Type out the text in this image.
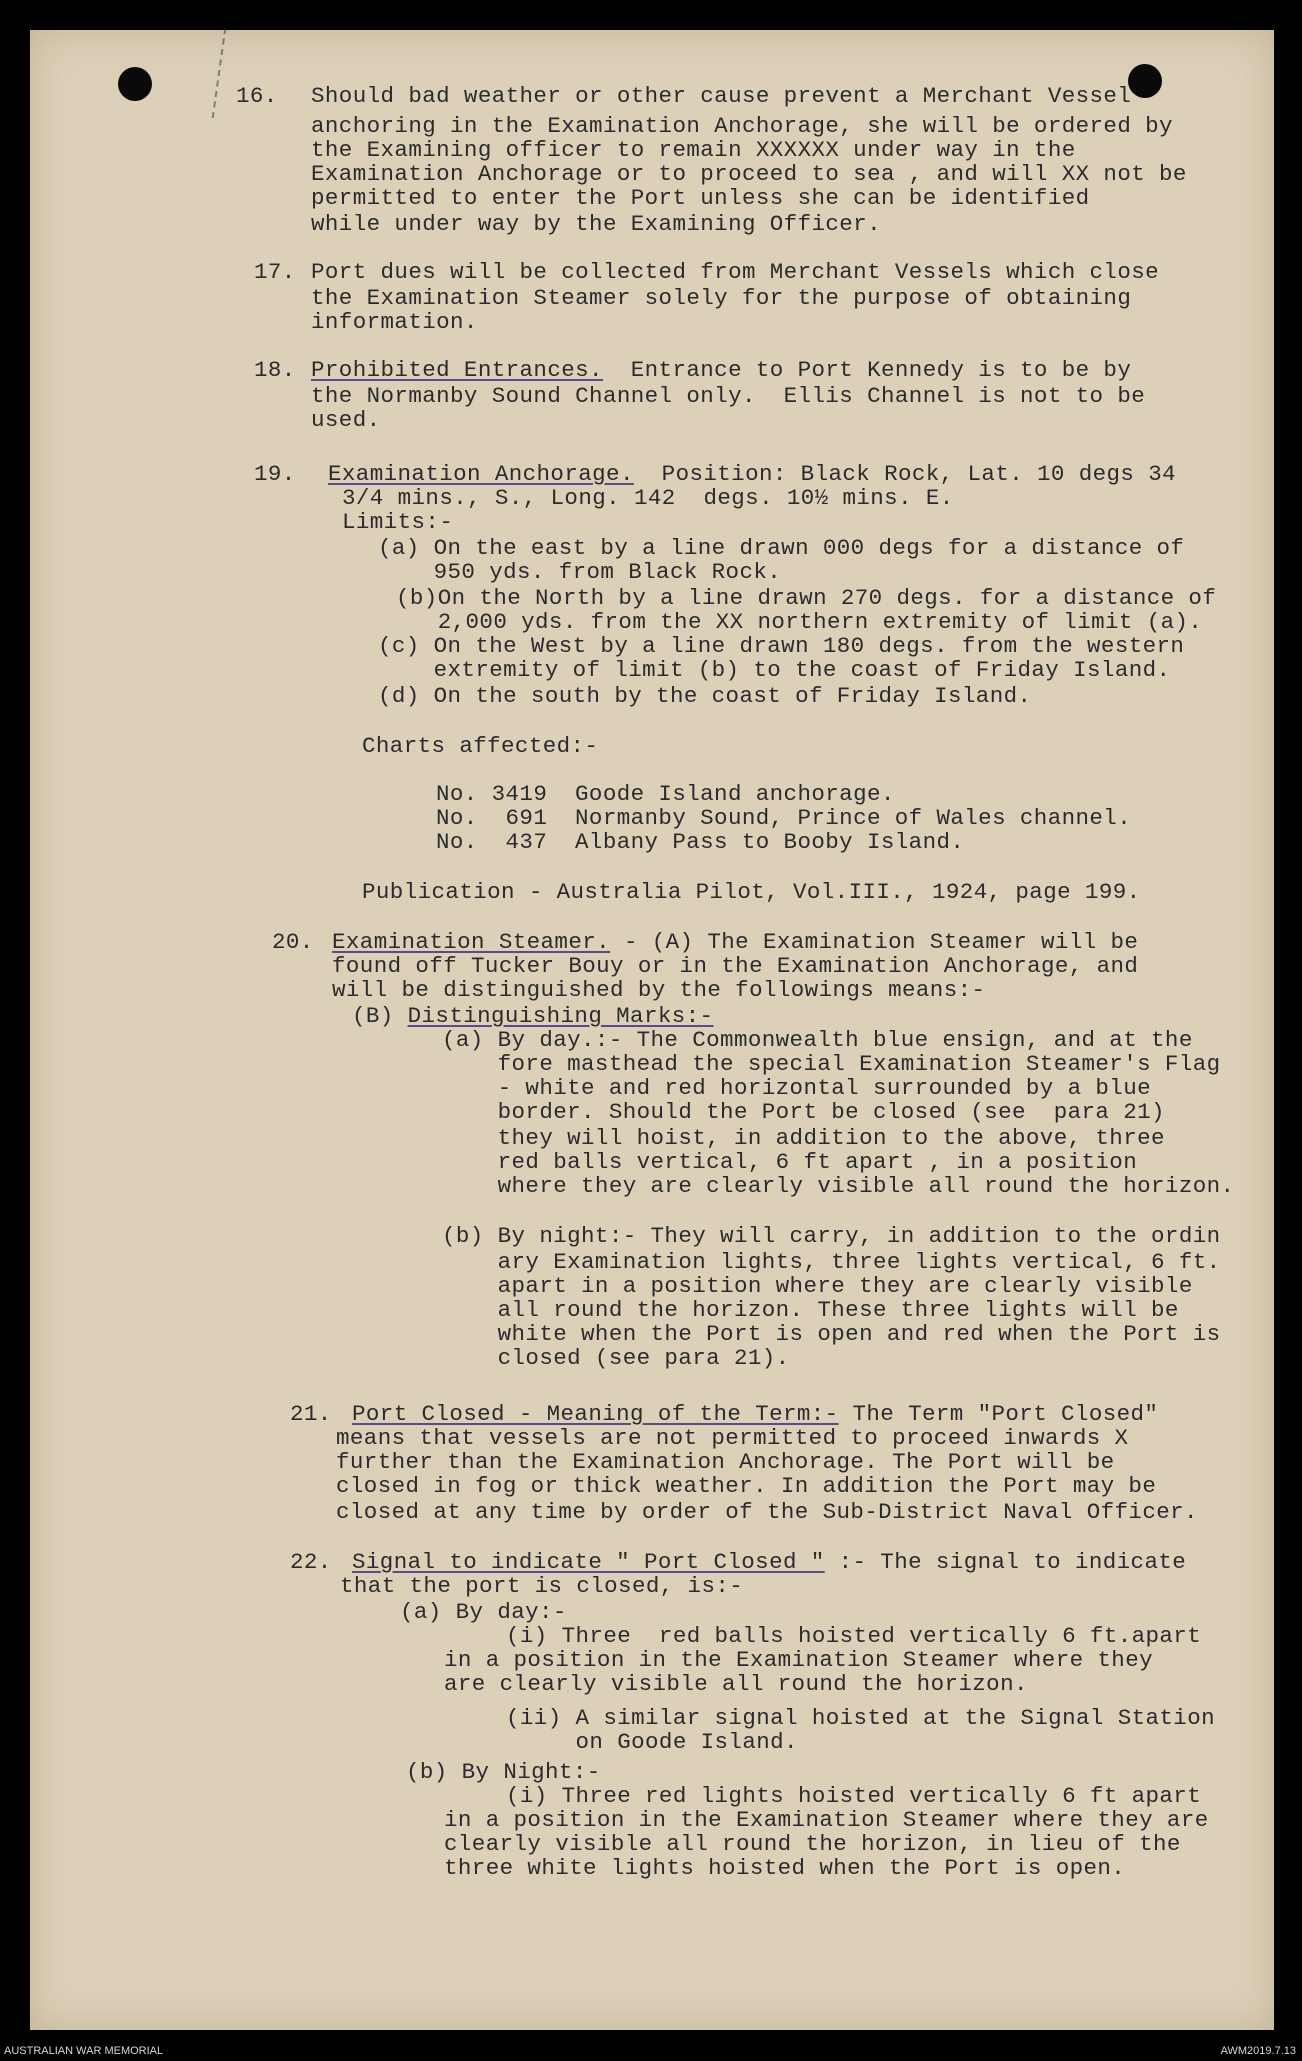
16. Should bad weather or other cause prevent a Merchant Vessel
anchoring in the Examination Anchorage, she will be ordered by
the Examining officer to remain XXXXXX under way in the
Examination Anchorage or to proceed to sea , and will XX not be
permitted to enter the Port unless she can be identified
while under way by the Examining Officer.
17. Port dues will be collected from Merchant Vessels which close
the Examination Steamer solely for the purpose of obtaining
information.
18. Prohibited Entrances.  Entrance to Port Kennedy is to be by
the Normanby Sound Channel only.  Ellis Channel is not to be
used.
19. Examination Anchorage.  Position: Black Rock, Lat. 10 degs 34
3/4 mins., S., Long. 142  degs. 10½ mins. E.
Limits:-
(a) On the east by a line drawn 000 degs for a distance of
950 yds. from Black Rock.
(b)On the North by a line drawn 270 degs. for a distance of
2,000 yds. from the XX northern extremity of limit (a).
(c) On the West by a line drawn 180 degs. from the western
extremity of limit (b) to the coast of Friday Island.
(d) On the south by the coast of Friday Island.
Charts affected:-
No. 3419  Goode Island anchorage.
No.  691  Normanby Sound, Prince of Wales channel.
No.  437  Albany Pass to Booby Island.
Publication - Australia Pilot, Vol.III., 1924, page 199.
20. Examination Steamer. - (A) The Examination Steamer will be
found off Tucker Bouy or in the Examination Anchorage, and
will be distinguished by the followings means:-
(B) Distinguishing Marks:-
(a) By day.:- The Commonwealth blue ensign, and at the
fore masthead the special Examination Steamer's Flag
- white and red horizontal surrounded by a blue
border. Should the Port be closed (see  para 21)
they will hoist, in addition to the above, three
red balls vertical, 6 ft apart , in a position
where they are clearly visible all round the horizon.
(b) By night:- They will carry, in addition to the ordin
ary Examination lights, three lights vertical, 6 ft.
apart in a position where they are clearly visible
all round the horizon. These three lights will be
white when the Port is open and red when the Port is
closed (see para 21).
21. Port Closed - Meaning of the Term:- The Term "Port Closed"
means that vessels are not permitted to proceed inwards X
further than the Examination Anchorage. The Port will be
closed in fog or thick weather. In addition the Port may be
closed at any time by order of the Sub-District Naval Officer.
22. Signal to indicate " Port Closed " :- The signal to indicate
that the port is closed, is:-
(a) By day:-
(i) Three  red balls hoisted vertically 6 ft.apart
in a position in the Examination Steamer where they
are clearly visible all round the horizon.
(ii) A similar signal hoisted at the Signal Station
on Goode Island.
(b) By Night:-
(i) Three red lights hoisted vertically 6 ft apart
in a position in the Examination Steamer where they are
clearly visible all round the horizon, in lieu of the
three white lights hoisted when the Port is open.
AUSTRALIAN WAR MEMORIAL	AWM2019.7.13
